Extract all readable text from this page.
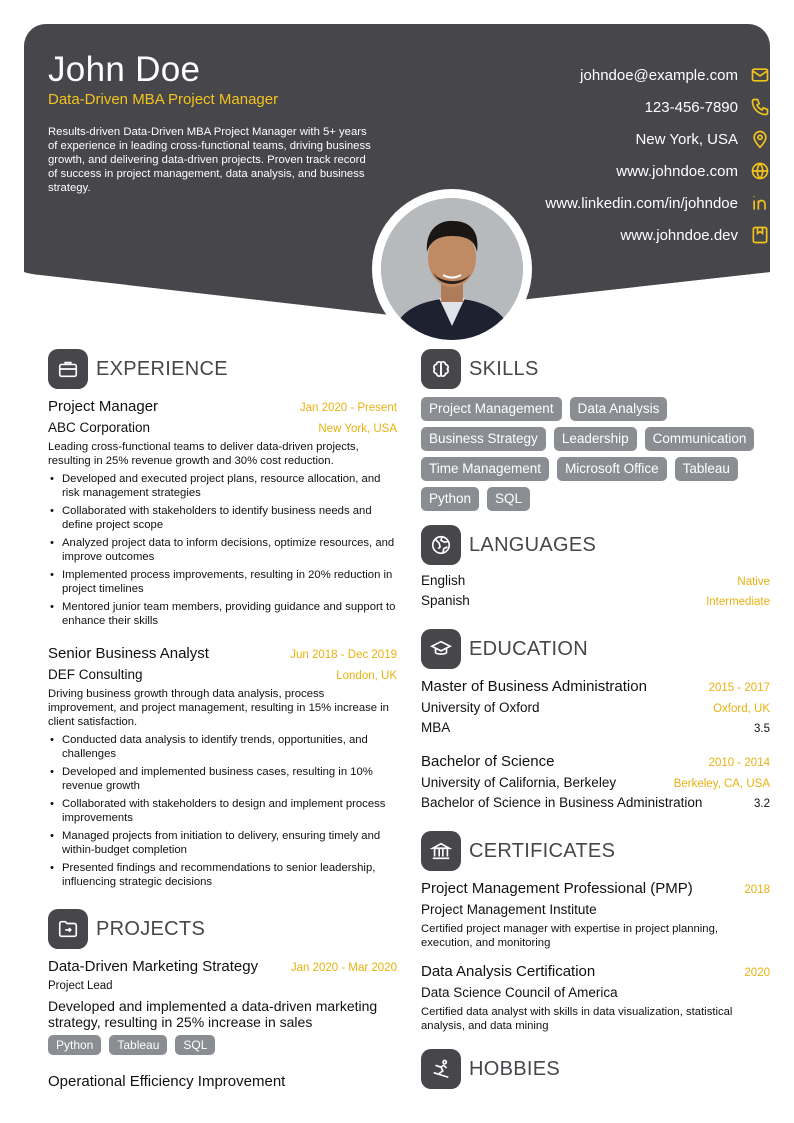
John Doe
Data-Driven MBA Project Manager
Results-driven Data-Driven MBA Project Manager with 5+ years of experience in leading cross-functional teams, driving business growth, and delivering data-driven projects. Proven track record of success in project management, data analysis, and business strategy.
johndoe@example.com
123-456-7890
New York, USA
www.johndoe.com
www.linkedin.com/in/johndoe
www.johndoe.dev
EXPERIENCE
Project Manager	Jan 2020 - Present
ABC Corporation	New York, USA
Leading cross-functional teams to deliver data-driven projects, resulting in 25% revenue growth and 30% cost reduction.
• Developed and executed project plans, resource allocation, and risk management strategies
• Collaborated with stakeholders to identify business needs and define project scope
• Analyzed project data to inform decisions, optimize resources, and improve outcomes
• Implemented process improvements, resulting in 20% reduction in project timelines
• Mentored junior team members, providing guidance and support to enhance their skills
Senior Business Analyst	Jun 2018 - Dec 2019
DEF Consulting	London, UK
Driving business growth through data analysis, process improvement, and project management, resulting in 15% increase in client satisfaction.
• Conducted data analysis to identify trends, opportunities, and challenges
• Developed and implemented business cases, resulting in 10% revenue growth
• Collaborated with stakeholders to design and implement process improvements
• Managed projects from initiation to delivery, ensuring timely and within-budget completion
• Presented findings and recommendations to senior leadership, influencing strategic decisions
PROJECTS
Data-Driven Marketing Strategy	Jan 2020 - Mar 2020
Project Lead
Developed and implemented a data-driven marketing strategy, resulting in 25% increase in sales
Python	Tableau	SQL
Operational Efficiency Improvement
SKILLS
Project Management	Data Analysis
Business Strategy	Leadership	Communication
Time Management	Microsoft Office	Tableau
Python	SQL
LANGUAGES
English	Native
Spanish	Intermediate
EDUCATION
Master of Business Administration	2015 - 2017
University of Oxford	Oxford, UK
MBA	3.5
Bachelor of Science	2010 - 2014
University of California, Berkeley	Berkeley, CA, USA
Bachelor of Science in Business Administration	3.2
CERTIFICATES
Project Management Professional (PMP)	2018
Project Management Institute
Certified project manager with expertise in project planning, execution, and monitoring
Data Analysis Certification	2020
Data Science Council of America
Certified data analyst with skills in data visualization, statistical analysis, and data mining
HOBBIES
